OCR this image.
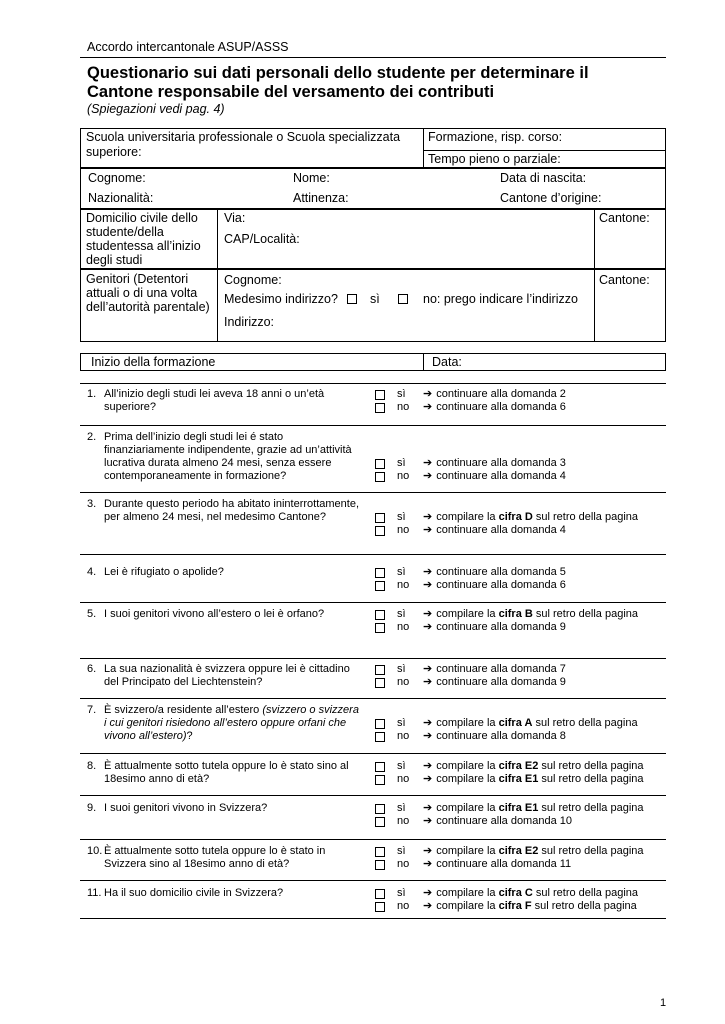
Accordo intercantonale ASUP/ASSS
Questionario sui dati personali dello studente per determinare il
Cantone responsabile del versamento dei contributi
(Spiegazioni vedi pag. 4)
Scuola universitaria professionale o Scuola specializzata
superiore:
Formazione, risp. corso:
Tempo pieno o parziale:
Cognome:	Nome:	Data di nascita:
Nazionalità:	Attinenza:	Cantone d’origine:
Domicilio civile dello
studente/della
studentessa all’inizio
degli studi
Via:
CAP/Località:
Cantone:
Genitori (Detentori
attuali o di una volta
dell’autorità parentale)
Cognome:
Medesimo indirizzo?	sì	no: prego indicare l’indirizzo
Indirizzo:
Cantone:
Inizio della formazione	Data:
1. All’inizio degli studi lei aveva 18 anni o un’età
superiore?
sì ➔ continuare alla domanda 2
no ➔ continuare alla domanda 6
2. Prima dell’inizio degli studi lei é stato
finanziariamente indipendente, grazie ad un’attività
lucrativa durata almeno 24 mesi, senza essere
contemporaneamente in formazione?
sì ➔ continuare alla domanda 3
no ➔ continuare alla domanda 4
3. Durante questo periodo ha abitato ininterrottamente,
per almeno 24 mesi, nel medesimo Cantone?	sì ➔ compilare la cifra D sul retro della pagina
no ➔ continuare alla domanda 4
4. Lei è rifugiato o apolide?	sì ➔ continuare alla domanda 5
no ➔ continuare alla domanda 6
5. I suoi genitori vivono all’estero o lei è orfano?	sì ➔ compilare la cifra B sul retro della pagina
no ➔ continuare alla domanda 9
6. La sua nazionalità è svizzera oppure lei è cittadino
del Principato del Liechtenstein?
sì ➔ continuare alla domanda 7
no ➔ continuare alla domanda 9
7. È svizzero/a residente all’estero (svizzero o svizzera
i cui genitori risiedono all’estero oppure orfani che
vivono all’estero)?
sì ➔ compilare la cifra A sul retro della pagina
no ➔ continuare alla domanda 8
8. È attualmente sotto tutela oppure lo è stato sino al
18esimo anno di età?
sì ➔ compilare la cifra E2 sul retro della pagina
no ➔ compilare la cifra E1 sul retro della pagina
9. I suoi genitori vivono in Svizzera?	sì ➔ compilare la cifra E1 sul retro della pagina
no ➔ continuare alla domanda 10
10. È attualmente sotto tutela oppure lo è stato in
Svizzera sino al 18esimo anno di età?
sì ➔ compilare la cifra E2 sul retro della pagina
no ➔ continuare alla domanda 11
11. Ha il suo domicilio civile in Svizzera?	sì ➔ compilare la cifra C sul retro della pagina
no ➔ compilare la cifra F sul retro della pagina
1
